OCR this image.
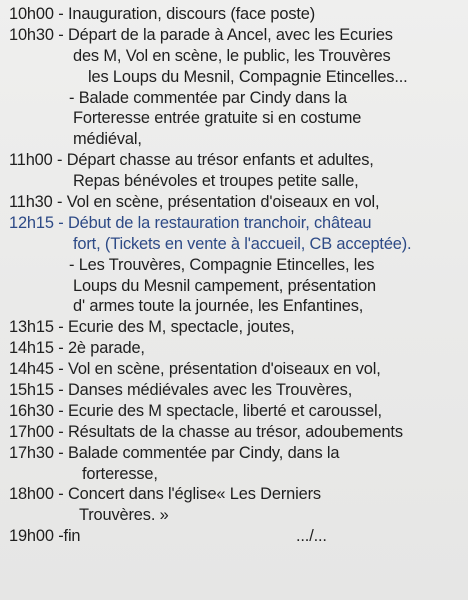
10h00 - Inauguration, discours (face poste)
10h30 - Départ de la parade à Ancel, avec les Ecuries
des M, Vol en scène, le public, les Trouvères
les Loups du Mesnil, Compagnie Etincelles...
- Balade commentée par Cindy dans la
Forteresse entrée gratuite si en costume
médiéval,
11h00 - Départ chasse au trésor enfants et adultes,
Repas bénévoles et troupes petite salle,
11h30 - Vol en scène, présentation d'oiseaux en vol,
12h15 - Début de la restauration tranchoir, château
fort, (Tickets en vente à l'accueil, CB acceptée).
- Les Trouvères, Compagnie Etincelles, les
Loups du Mesnil campement, présentation
d' armes toute la journée, les Enfantines,
13h15 - Ecurie des M, spectacle, joutes,
14h15 - 2è parade,
14h45 - Vol en scène, présentation d'oiseaux en vol,
15h15 - Danses médiévales avec les Trouvères,
16h30 - Ecurie des M spectacle, liberté et caroussel,
17h00 - Résultats de la chasse au trésor, adoubements
17h30 - Balade commentée par Cindy, dans la
forteresse,
18h00 - Concert dans l'église« Les Derniers
Trouvères. »
19h00 -fin	.../...
